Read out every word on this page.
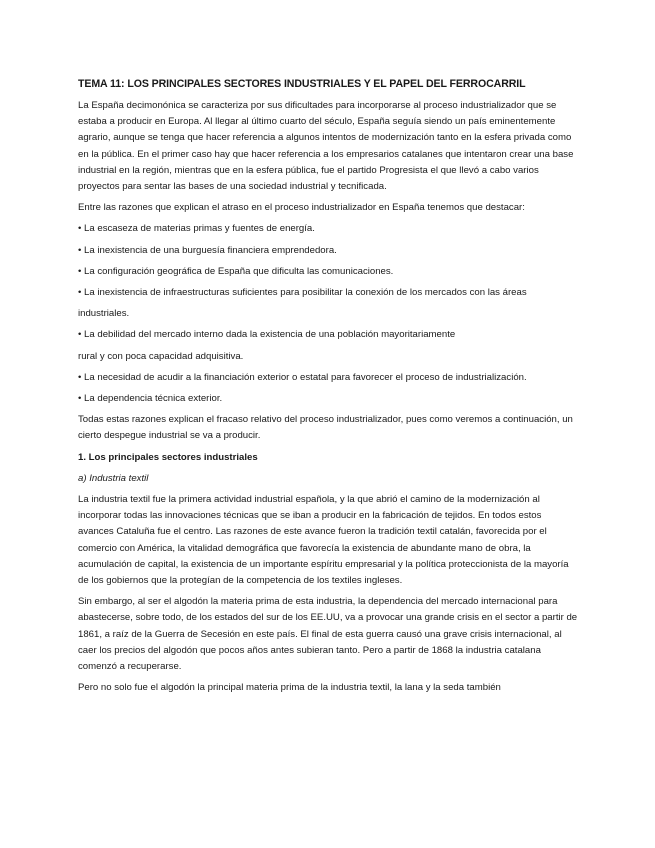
TEMA 11: LOS PRINCIPALES SECTORES INDUSTRIALES Y EL PAPEL DEL FERROCARRIL

La España decimonónica se caracteriza por sus dificultades para incorporarse al proceso industrializador que se estaba a producir en Europa. Al llegar al último cuarto del século, España seguía siendo un país eminentemente agrario, aunque se tenga que hacer referencia a algunos intentos de modernización tanto en la esfera privada como en la pública. En el primer caso hay que hacer referencia a los empresarios catalanes que intentaron crear una base industrial en la región, mientras que en la esfera pública, fue el partido Progresista el que llevó a cabo varios proyectos para sentar las bases de una sociedad industrial y tecnificada.

Entre las razones que explican el atraso en el proceso industrializador en España tenemos que destacar:

• La escaseza de materias primas y fuentes de energía.

• La inexistencia de una burguesía financiera emprendedora.

• La configuración geográfica de España que dificulta las comunicaciones.

• La inexistencia de infraestructuras suficientes para posibilitar la conexión de los mercados con las áreas

industriales.

• La debilidad del mercado interno dada la existencia de una población mayoritariamente

rural y con poca capacidad adquisitiva.

• La necesidad de acudir a la financiación exterior o estatal para favorecer el proceso de industrialización.

• La dependencia técnica exterior.

Todas estas razones explican el fracaso relativo del proceso industrializador, pues como veremos a continuación, un cierto despegue industrial se va a producir.

1. Los principales sectores industriales
a) Industria textil

La industria textil fue la primera actividad industrial española, y la que abrió el camino de la modernización al incorporar todas las innovaciones técnicas que se iban a producir en la fabricación de tejidos. En todos estos avances Cataluña fue el centro. Las razones de este avance fueron la tradición textil catalán, favorecida por el comercio con América, la vitalidad demográfica que favorecía la existencia de abundante mano de obra, la acumulación de capital, la existencia de un importante espíritu empresarial y la política proteccionista de la mayoría de los gobiernos que la protegían de la competencia de los textiles ingleses.

Sin embargo, al ser el algodón la materia prima de esta industria, la dependencia del mercado internacional para abastecerse, sobre todo, de los estados del sur de los EE.UU, va a provocar una grande crisis en el sector a partir de 1861, a raíz de la Guerra de Secesión en este país. El final de esta guerra causó una grave crisis internacional, al caer los precios del algodón que pocos años antes subieran tanto. Pero a partir de 1868 la industria catalana comenzó a recuperarse.

Pero no solo fue el algodón la principal materia prima de la industria textil, la lana y la seda también
